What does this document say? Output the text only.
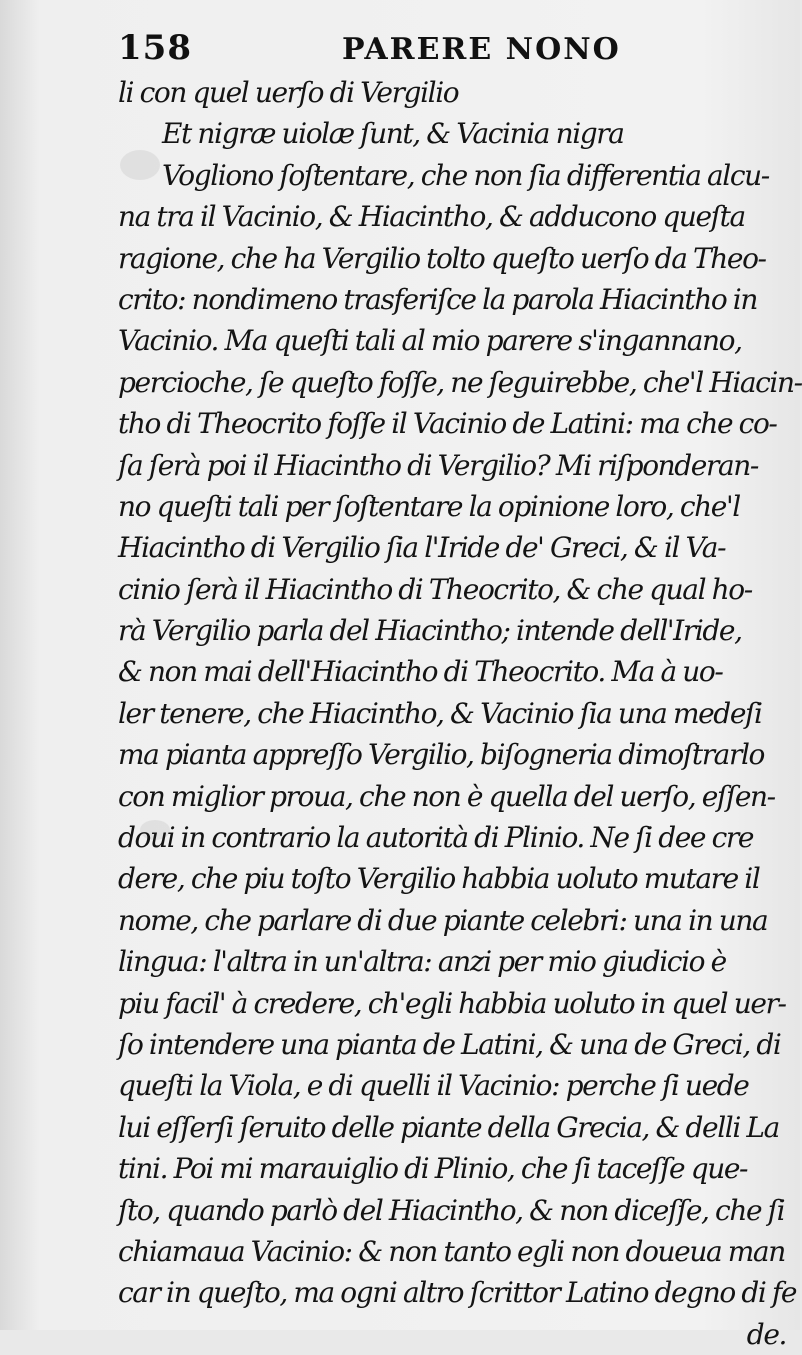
158	PARERE NONO
li con quel uerſo di Vergilio
Et nigræ uiolæ ſunt, & Vacinia nigra
Vogliono ſoſtentare, che non ſia differentia alcu-
na tra il Vacinio, & Hiacintho, & adducono queſta
ragione, che ha Vergilio tolto queſto uerſo da Theo-
crito: nondimeno trasferiſce la parola Hiacintho in
Vacinio. Ma queſti tali al mio parere s'ingannano,
percioche, ſe queſto foſſe, ne ſeguirebbe, che'l Hiacin-
tho di Theocrito foſſe il Vacinio de Latini: ma che co-
ſa ſerà poi il Hiacintho di Vergilio? Mi riſponderan-
no queſti tali per ſoſtentare la opinione loro, che'l
Hiacintho di Vergilio ſia l'Iride de' Greci, & il Va-
cinio ſerà il Hiacintho di Theocrito, & che qual ho-
rà Vergilio parla del Hiacintho; intende dell'Iride,
& non mai dell'Hiacintho di Theocrito. Ma à uo-
ler tenere, che Hiacintho, & Vacinio ſia una medeſi
ma pianta appreſſo Vergilio, biſogneria dimoſtrarlo
con miglior proua, che non è quella del uerſo, eſſen-
doui in contrario la autorità di Plinio. Ne ſi dee cre
dere, che piu toſto Vergilio habbia uoluto mutare il
nome, che parlare di due piante celebri: una in una
lingua: l'altra in un'altra: anzi per mio giudicio è
piu facil' à credere, ch'egli habbia uoluto in quel uer-
ſo intendere una pianta de Latini, & una de Greci, di
queſti la Viola, e di quelli il Vacinio: perche ſi uede
lui eſſerſi ſeruito delle piante della Grecia, & delli La
tini. Poi mi marauiglio di Plinio, che ſi taceſſe que-
ſto, quando parlò del Hiacintho, & non diceſſe, che ſi
chiamaua Vacinio: & non tanto egli non doueua man
car in queſto, ma ogni altro ſcrittor Latino degno di fe
de.
